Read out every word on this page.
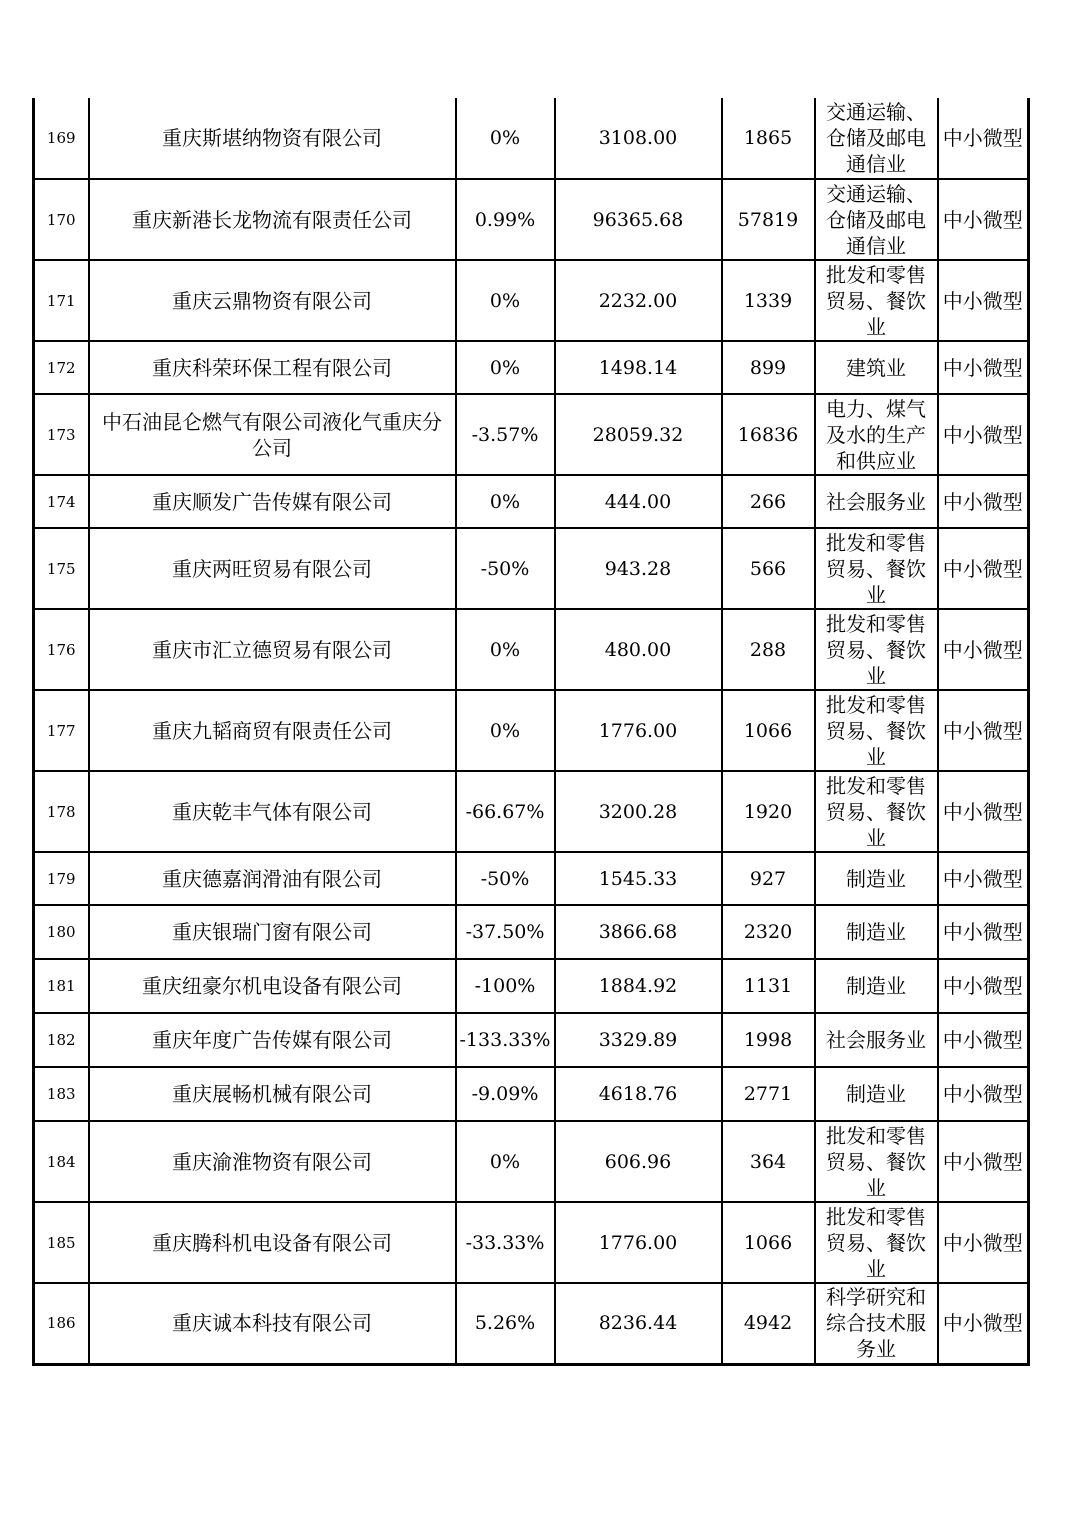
169	重庆斯堪纳物资有限公司	0%	3108.00	1865	交通运输、仓储及邮电通信业	中小微型
170	重庆新港长龙物流有限责任公司	0.99%	96365.68	57819	交通运输、仓储及邮电通信业	中小微型
171	重庆云鼎物资有限公司	0%	2232.00	1339	批发和零售贸易、餐饮业	中小微型
172	重庆科荣环保工程有限公司	0%	1498.14	899	建筑业	中小微型
173	中石油昆仑燃气有限公司液化气重庆分公司	-3.57%	28059.32	16836	电力、煤气及水的生产和供应业	中小微型
174	重庆顺发广告传媒有限公司	0%	444.00	266	社会服务业	中小微型
175	重庆两旺贸易有限公司	-50%	943.28	566	批发和零售贸易、餐饮业	中小微型
176	重庆市汇立德贸易有限公司	0%	480.00	288	批发和零售贸易、餐饮业	中小微型
177	重庆九韬商贸有限责任公司	0%	1776.00	1066	批发和零售贸易、餐饮业	中小微型
178	重庆乾丰气体有限公司	-66.67%	3200.28	1920	批发和零售贸易、餐饮业	中小微型
179	重庆德嘉润滑油有限公司	-50%	1545.33	927	制造业	中小微型
180	重庆银瑞门窗有限公司	-37.50%	3866.68	2320	制造业	中小微型
181	重庆纽豪尔机电设备有限公司	-100%	1884.92	1131	制造业	中小微型
182	重庆年度广告传媒有限公司	-133.33%	3329.89	1998	社会服务业	中小微型
183	重庆展畅机械有限公司	-9.09%	4618.76	2771	制造业	中小微型
184	重庆渝淮物资有限公司	0%	606.96	364	批发和零售贸易、餐饮业	中小微型
185	重庆腾科机电设备有限公司	-33.33%	1776.00	1066	批发和零售贸易、餐饮业	中小微型
186	重庆诚本科技有限公司	5.26%	8236.44	4942	科学研究和综合技术服务业	中小微型
